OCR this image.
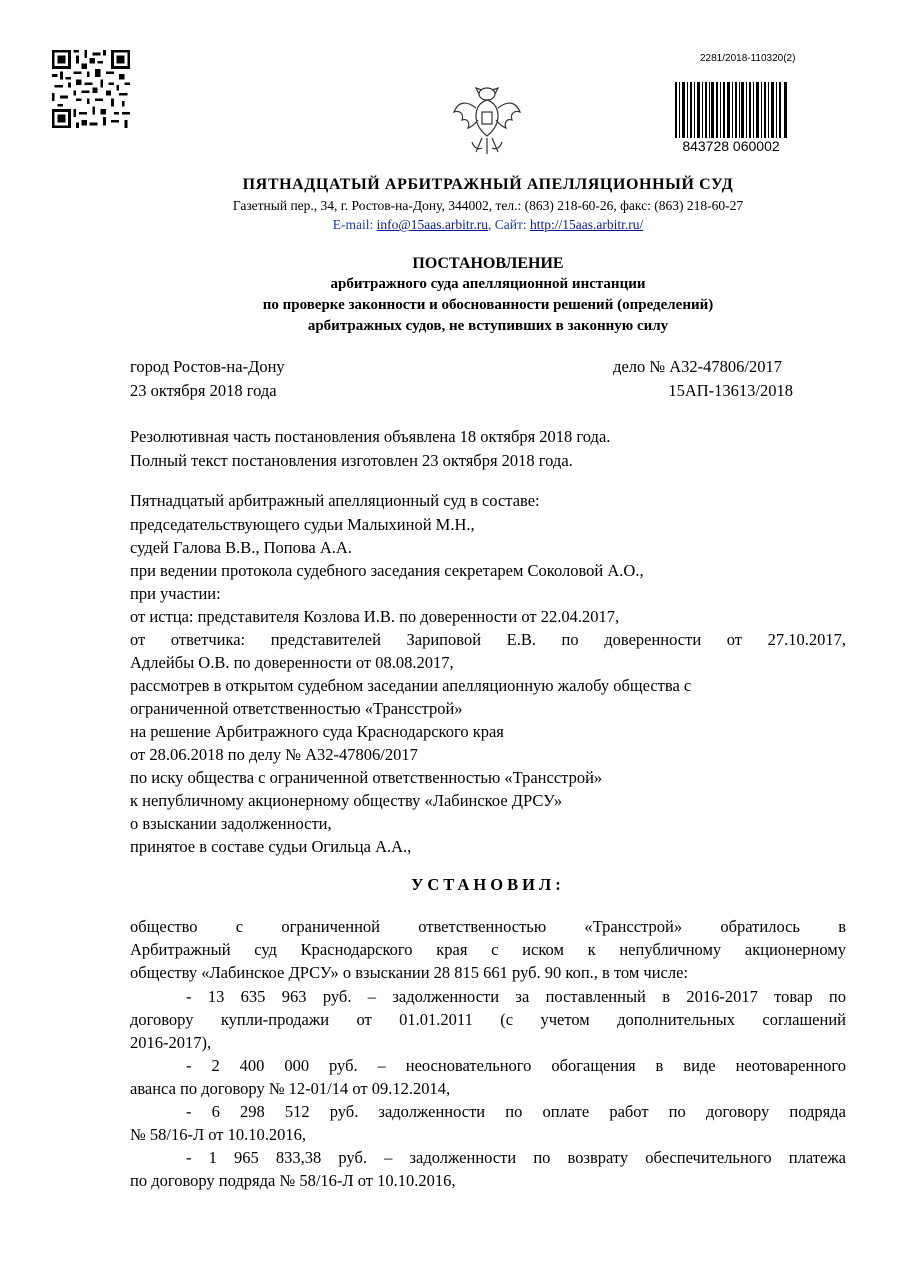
2281/2018-110320(2)
843728 060002
ПЯТНАДЦАТЫЙ АРБИТРАЖНЫЙ АПЕЛЛЯЦИОННЫЙ СУД
Газетный пер., 34, г. Ростов-на-Дону, 344002, тел.: (863) 218-60-26, факс: (863) 218-60-27
E-mail: info@15aas.arbitr.ru, Сайт: http://15aas.arbitr.ru/
ПОСТАНОВЛЕНИЕ
арбитражного суда апелляционной инстанции
по проверке законности и обоснованности решений (определений)
арбитражных судов, не вступивших в законную силу
город Ростов-на-Дону
23 октября 2018 года
дело № А32-47806/2017
15АП-13613/2018
Резолютивная часть постановления объявлена 18 октября 2018 года.
Полный текст постановления изготовлен 23 октября 2018 года.
Пятнадцатый арбитражный апелляционный суд в составе:
председательствующего судьи Малыхиной М.Н.,
судей Галова В.В., Попова А.А.
при ведении протокола судебного заседания секретарем Соколовой А.О.,
при участии:
от истца: представителя Козлова И.В. по доверенности от 22.04.2017,
от ответчика: представителей Зариповой Е.В. по доверенности от 27.10.2017,
Адлейбы О.В. по доверенности от 08.08.2017,
рассмотрев в открытом судебном заседании апелляционную жалобу общества с
ограниченной ответственностью «Трансстрой»
на решение Арбитражного суда Краснодарского края
от 28.06.2018 по делу № А32-47806/2017
по иску общества с ограниченной ответственностью «Трансстрой»
к непубличному акционерному обществу «Лабинское ДРСУ»
о взыскании задолженности,
принятое в составе судьи Огильца А.А.,
УСТАНОВИЛ:
общество с ограниченной ответственностью «Трансстрой» обратилось в
Арбитражный суд Краснодарского края с иском к непубличному акционерному
обществу «Лабинское ДРСУ» о взыскании 28 815 661 руб. 90 коп., в том числе:
- 13 635 963 руб. – задолженности за поставленный в 2016-2017 товар по
договору купли-продажи от 01.01.2011 (с учетом дополнительных соглашений
2016-2017),
- 2 400 000 руб. – неосновательного обогащения в виде неотоваренного
аванса по договору № 12-01/14 от 09.12.2014,
- 6 298 512 руб. задолженности по оплате работ по договору подряда
№ 58/16-Л от 10.10.2016,
- 1 965 833,38 руб. – задолженности по возврату обеспечительного платежа
по договору подряда № 58/16-Л от 10.10.2016,
